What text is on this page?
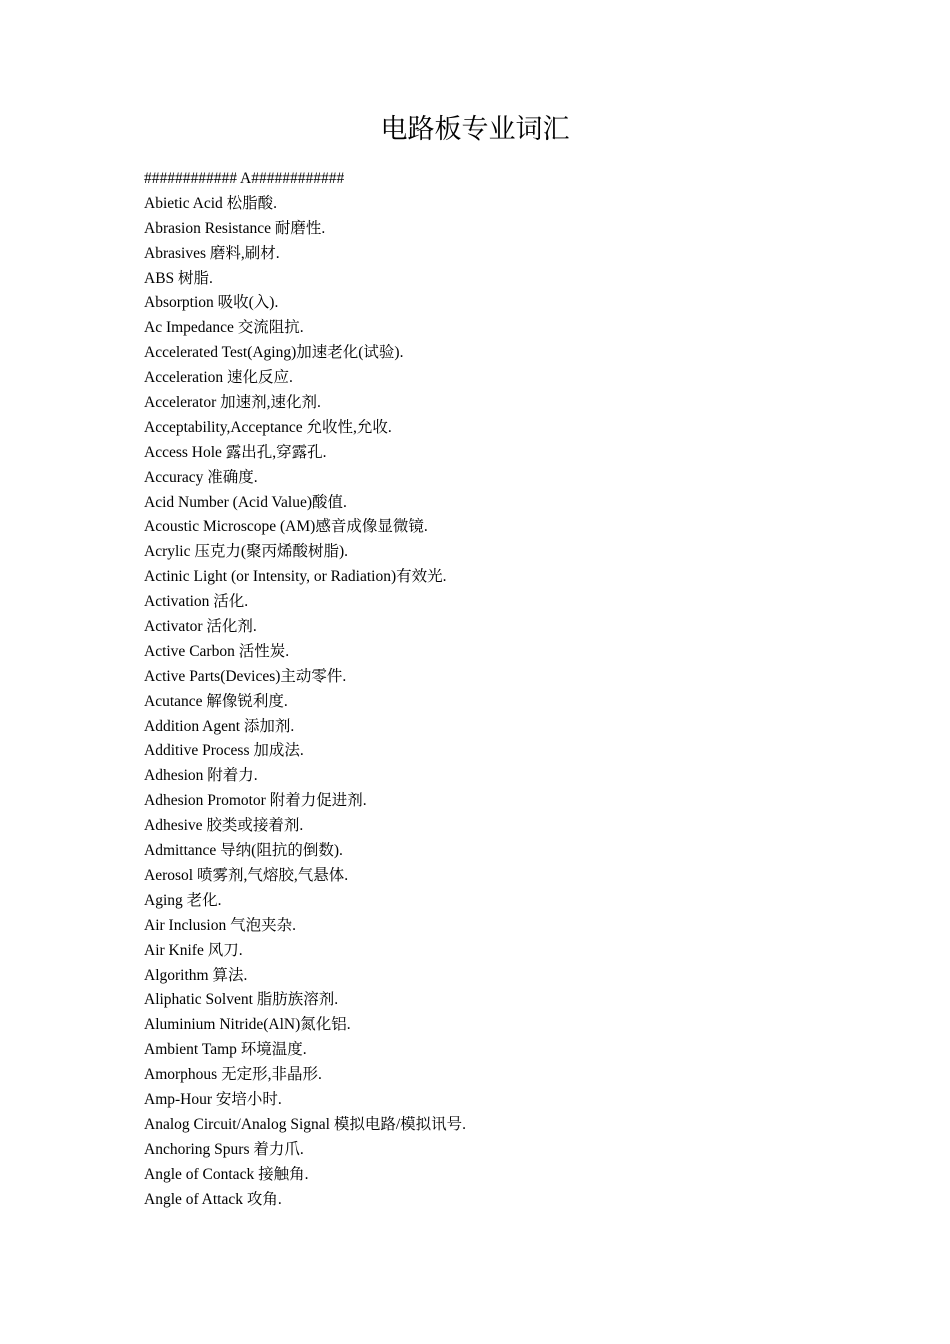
电路板专业词汇
############ A############
Abietic Acid 松脂酸.
Abrasion Resistance 耐磨性.
Abrasives 磨料,刷材.
ABS 树脂.
Absorption 吸收(入).
Ac Impedance 交流阻抗.
Accelerated Test(Aging)加速老化(试验).
Acceleration 速化反应.
Accelerator 加速剂,速化剂.
Acceptability,Acceptance 允收性,允收.
Access Hole 露出孔,穿露孔.
Accuracy 准确度.
Acid Number (Acid Value)酸值.
Acoustic Microscope (AM)感音成像显微镜.
Acrylic 压克力(聚丙烯酸树脂).
Actinic Light (or Intensity, or Radiation)有效光.
Activation 活化.
Activator 活化剂.
Active Carbon 活性炭.
Active Parts(Devices)主动零件.
Acutance 解像锐利度.
Addition Agent 添加剂.
Additive Process 加成法.
Adhesion 附着力.
Adhesion Promotor 附着力促进剂.
Adhesive 胶类或接着剂.
Admittance 导纳(阻抗的倒数).
Aerosol 喷雾剂,气熔胶,气悬体.
Aging 老化.
Air Inclusion 气泡夹杂.
Air Knife 风刀.
Algorithm 算法.
Aliphatic Solvent 脂肪族溶剂.
Aluminium Nitride(AlN)氮化铝.
Ambient Tamp 环境温度.
Amorphous 无定形,非晶形.
Amp-Hour 安培小时.
Analog Circuit/Analog Signal 模拟电路/模拟讯号.
Anchoring Spurs 着力爪.
Angle of Contack 接触角.
Angle of Attack 攻角.
